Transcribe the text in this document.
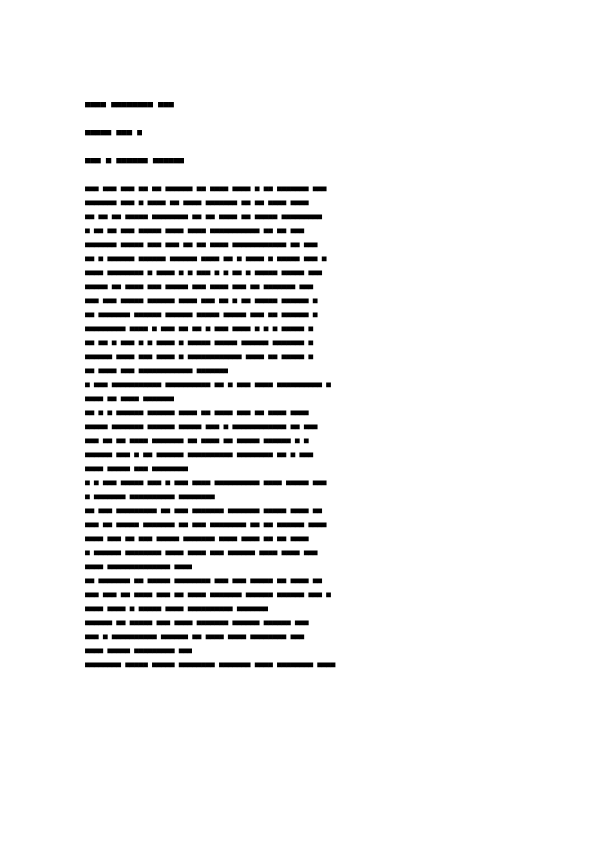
■■■■ ■■■■■■■■ ■■■
■■■■■ ■■■ ■
■■■ ■ ■■■■■■ ■■■■■■
■■■ ■■■ ■■■ ■■ ■■ ■■■■■■ ■■ ■■■■ ■■■■ ■ ■■ ■■■■■■■ ■■■
■■■■■■■ ■■■ ■ ■■■■ ■■ ■■■■ ■■■■■■■ ■■ ■■ ■■■■ ■■■■
■■ ■■ ■■ ■■■■■ ■■■■■■■■ ■■ ■■ ■■■■ ■■ ■■■■■ ■■■■■■■■■
■ ■■ ■■ ■■■ ■■■■■ ■■■■ ■■■■ ■■■■■■■■■■■ ■■ ■■ ■■■
■■■■■■■ ■■■■■ ■■■ ■■■ ■■ ■■ ■■■■ ■■■■■■■■■■■■ ■■ ■■■
■■ ■ ■■■■■■ ■■■■■■ ■■■■■■ ■■■■ ■■ ■ ■■■■ ■ ■■■■■ ■■■ ■
■■■■ ■■■■■■■■ ■ ■■■■ ■ ■ ■■■ ■ ■ ■■ ■ ■■■■■ ■■■■■ ■■■
■■■■■ ■■ ■■■■ ■■■ ■■■■■ ■■■ ■■■■ ■■■ ■■ ■■■■■■■ ■■■
■■■ ■■■ ■■■■■ ■■■■■■ ■■■■ ■■■ ■■ ■ ■■ ■■■■■ ■■■■■■ ■
■■ ■■■■■■■ ■■■■■■ ■■■■■■ ■■■■■ ■■■■■ ■■■ ■■ ■■■■■■ ■
■■■■■■■■■ ■■■■ ■ ■■■ ■■ ■■ ■ ■■■ ■■■■ ■ ■ ■ ■■■■■ ■
■■ ■■ ■ ■■■ ■ ■ ■■■■ ■ ■■■■■ ■■■■■ ■■■■■■ ■■■■■■■ ■
■■■■■■ ■■■■ ■■■ ■■■■ ■ ■■■■■■■■■■■■ ■■■■ ■■ ■■■■■ ■
■■ ■■■■ ■■■ ■■■■■■■■■■■■ ■■■■■■■
■ ■■■ ■■■■■■■■■■■ ■■■■■■■■■■ ■■ ■ ■■■ ■■■■ ■■■■■■■■■■ ■
■■■■ ■■ ■■■■ ■■■■■■■
■■ ■ ■ ■■■■■■ ■■■■■■ ■■■■ ■■ ■■■■ ■■■ ■■ ■■■■ ■■■■
■■■■■ ■■■■■■■ ■■■■■■ ■■■■■ ■■■ ■ ■■■■■■■■■■■■ ■■ ■■■
■■■ ■■ ■■ ■■■■ ■■■■■■■ ■■ ■■■■ ■■ ■■■■■ ■■■■■■ ■ ■
■■■■■■ ■■■ ■ ■■ ■■■■■■ ■■■■■■■■■■ ■■■■■■■■ ■■ ■ ■■■
■■■■ ■■■■■ ■■■ ■■■■■■■■
■ ■ ■■■ ■■■■■ ■■■ ■ ■■■ ■■■■ ■■■■■■■■■■ ■■■■ ■■■■■ ■■■
■ ■■■■■■■ ■■■■■■■■■■ ■■■■■■■■
■■ ■■■ ■■■■■■■■■ ■■ ■■■ ■■■■■■■ ■■■■■■■ ■■■■■ ■■■■ ■■
■■■ ■■ ■■■■■ ■■■■■■■ ■■ ■■■ ■■■■■■■■ ■■ ■■ ■■■■■■ ■■■■
■■■■ ■■■ ■■ ■■■ ■■■■■ ■■■■■■■ ■■■■ ■■■■ ■■ ■■ ■■■■
■ ■■■■■■ ■■■■■■■■ ■■■■ ■■■■ ■■■ ■■■■■■ ■■■■ ■■■■ ■■■
■■■■ ■■■■■■■■■■■■■■ ■■■■
■■ ■■■■■■■ ■■ ■■■■■ ■■■■■■■■ ■■■ ■■■ ■■■■■ ■■ ■■■■ ■■
■■■ ■■■ ■■ ■■■■ ■■■ ■■ ■■■■ ■■■■■■■ ■■■■■■ ■■■■■■ ■■■ ■
■■■■ ■■■■ ■ ■■■■■ ■■■■ ■■■■■■■■■■ ■■■■■■■
■■■■■■ ■■ ■■■■■ ■■■ ■■■■ ■■■■■■■ ■■■■■■ ■■■■■■ ■■■
■■■ ■ ■■■■■■■■■■ ■■■■■■ ■■ ■■■■ ■■■■ ■■■■■■■■ ■■■
■■■■ ■■■■■ ■■■■■■■■■ ■■■
■■■■■■■■ ■■■■■ ■■■■■ ■■■■■■■■ ■■■■■■■ ■■■■ ■■■■■■■■ ■■■■
